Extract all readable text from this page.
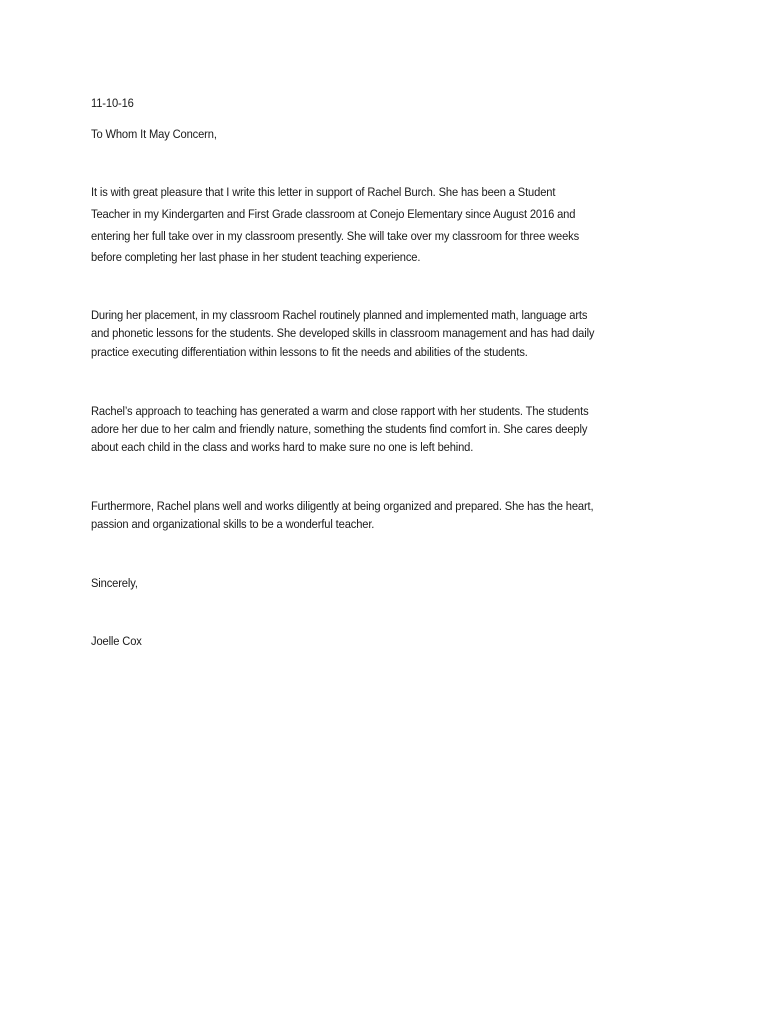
11-10-16
To Whom It May Concern,
It is with great pleasure that I write this letter in support of Rachel Burch. She has been a Student
Teacher in my Kindergarten and First Grade classroom at Conejo Elementary since August 2016 and
entering her full take over in my classroom presently. She will take over my classroom for three weeks
before completing her last phase in her student teaching experience.
During her placement, in my classroom Rachel routinely planned and implemented math, language arts
and phonetic lessons for the students. She developed skills in classroom management and has had daily
practice executing differentiation within lessons to fit the needs and abilities of the students.
Rachel’s approach to teaching has generated a warm and close rapport with her students. The students
adore her due to her calm and friendly nature, something the students find comfort in. She cares deeply
about each child in the class and works hard to make sure no one is left behind.
Furthermore, Rachel plans well and works diligently at being organized and prepared. She has the heart,
passion and organizational skills to be a wonderful teacher.
Sincerely,
Joelle Cox
